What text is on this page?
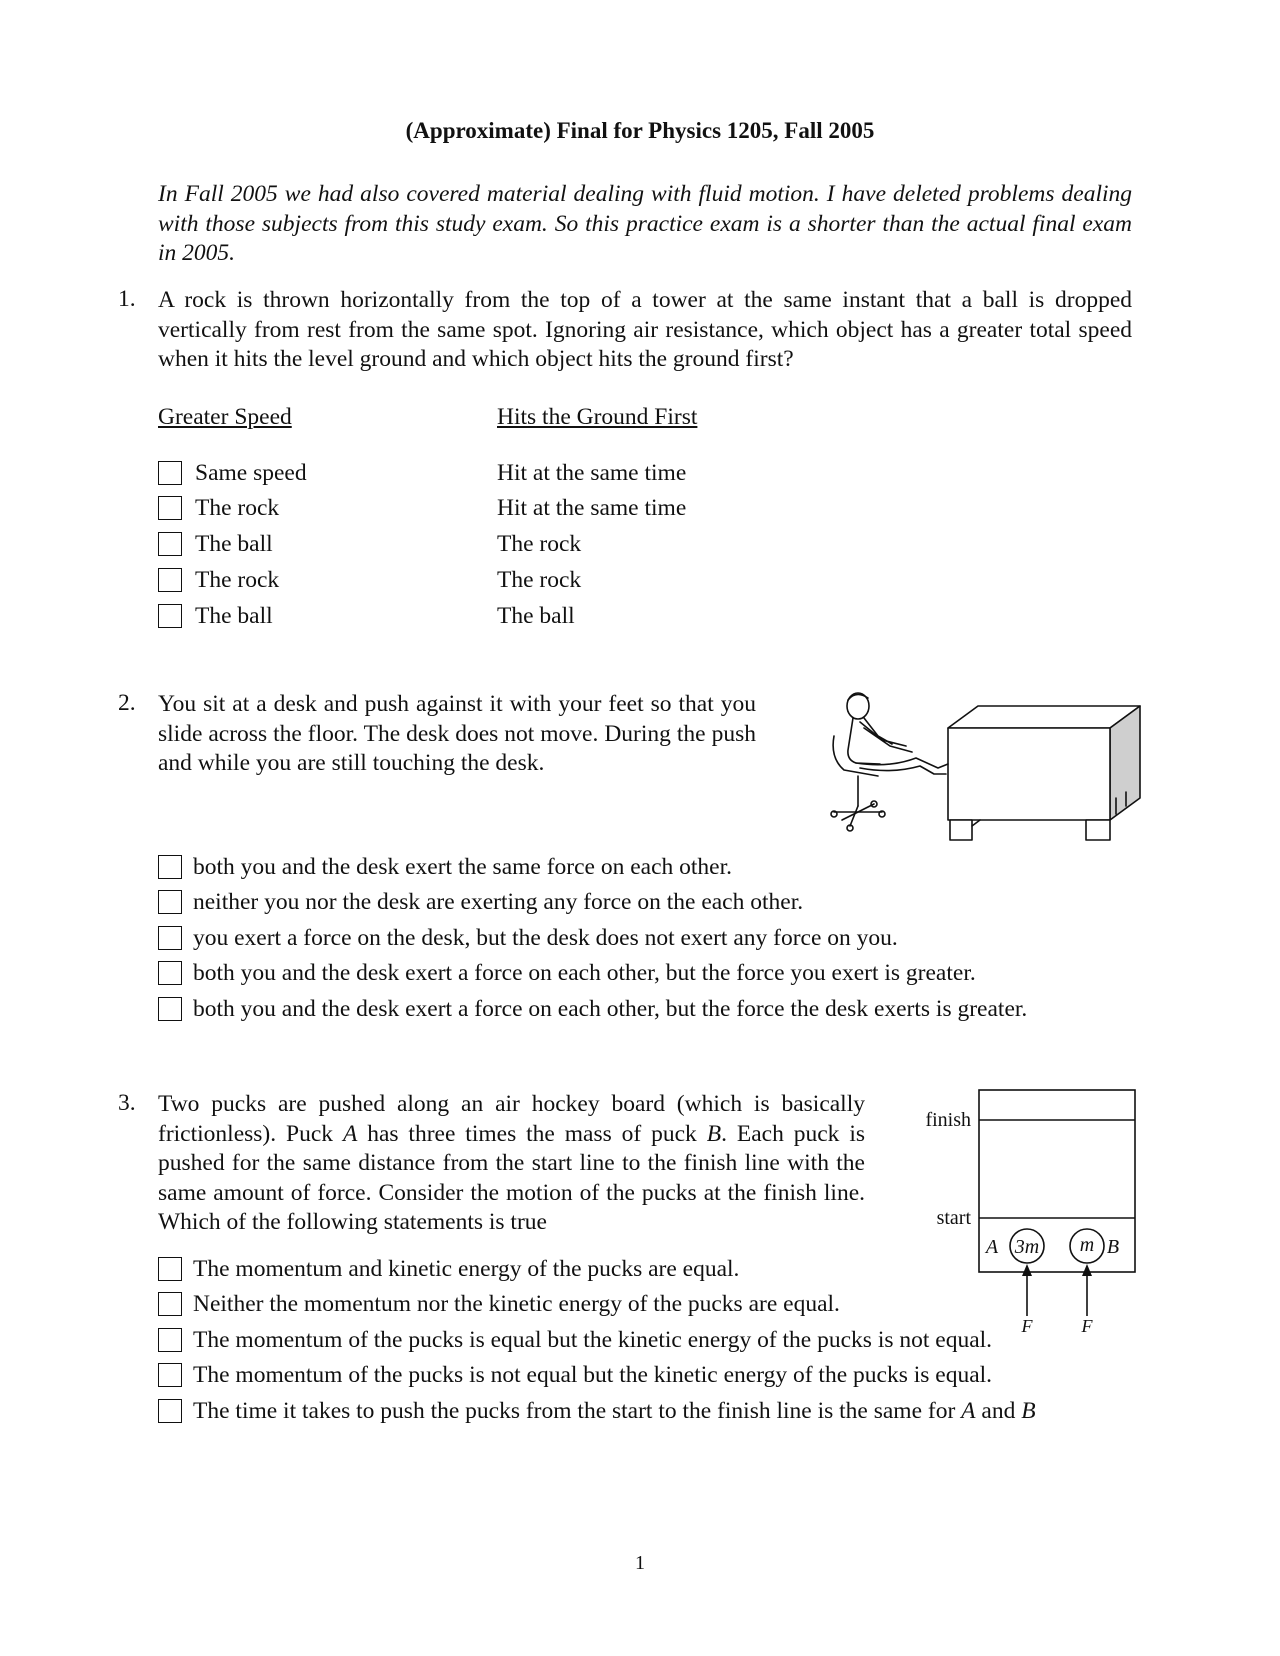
(Approximate) Final for Physics 1205, Fall 2005
In Fall 2005 we had also covered material dealing with fluid motion. I have deleted problems dealing with those subjects from this study exam. So this practice exam is a shorter than the actual final exam in 2005.
1. A rock is thrown horizontally from the top of a tower at the same instant that a ball is dropped vertically from rest from the same spot. Ignoring air resistance, which object has a greater total speed when it hits the level ground and which object hits the ground first?
Greater Speed	Hits the Ground First
Same speed	Hit at the same time
The rock	Hit at the same time
The ball	The rock
The rock	The rock
The ball	The ball
2. You sit at a desk and push against it with your feet so that you slide across the floor. The desk does not move. During the push and while you are still touching the desk.
both you and the desk exert the same force on each other.
neither you nor the desk are exerting any force on the each other.
you exert a force on the desk, but the desk does not exert any force on you.
both you and the desk exert a force on each other, but the force you exert is greater.
both you and the desk exert a force on each other, but the force the desk exerts is greater.
3. Two pucks are pushed along an air hockey board (which is basically frictionless). Puck A has three times the mass of puck B. Each puck is pushed for the same distance from the start line to the finish line with the same amount of force. Consider the motion of the pucks at the finish line. Which of the following statements is true
finish
start
A 3m m B
F	F
The momentum and kinetic energy of the pucks are equal.
Neither the momentum nor the kinetic energy of the pucks are equal.
The momentum of the pucks is equal but the kinetic energy of the pucks is not equal.
The momentum of the pucks is not equal but the kinetic energy of the pucks is equal.
The time it takes to push the pucks from the start to the finish line is the same for A and B
1
